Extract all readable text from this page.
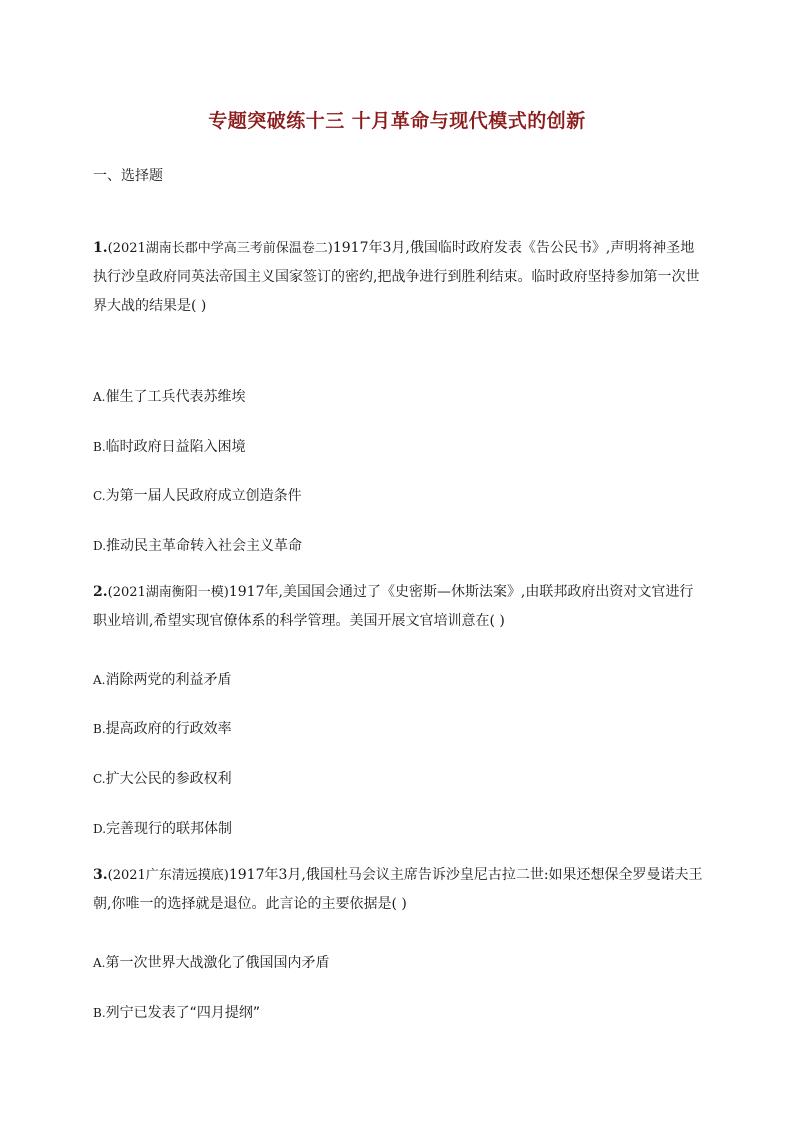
专题突破练十三 十月革命与现代模式的创新
一、选择题
1.(2021湖南长郡中学高三考前保温卷二)1917年3月,俄国临时政府发表《告公民书》,声明将神圣地执行沙皇政府同英法帝国主义国家签订的密约,把战争进行到胜利结束。临时政府坚持参加第一次世界大战的结果是( )
A.催生了工兵代表苏维埃
B.临时政府日益陷入困境
C.为第一届人民政府成立创造条件
D.推动民主革命转入社会主义革命
2.(2021湖南衡阳一模)1917年,美国国会通过了《史密斯—休斯法案》,由联邦政府出资对文官进行职业培训,希望实现官僚体系的科学管理。美国开展文官培训意在( )
A.消除两党的利益矛盾
B.提高政府的行政效率
C.扩大公民的参政权利
D.完善现行的联邦体制
3.(2021广东清远摸底)1917年3月,俄国杜马会议主席告诉沙皇尼古拉二世:如果还想保全罗曼诺夫王朝,你唯一的选择就是退位。此言论的主要依据是( )
A.第一次世界大战激化了俄国国内矛盾
B.列宁已发表了“四月提纲”
